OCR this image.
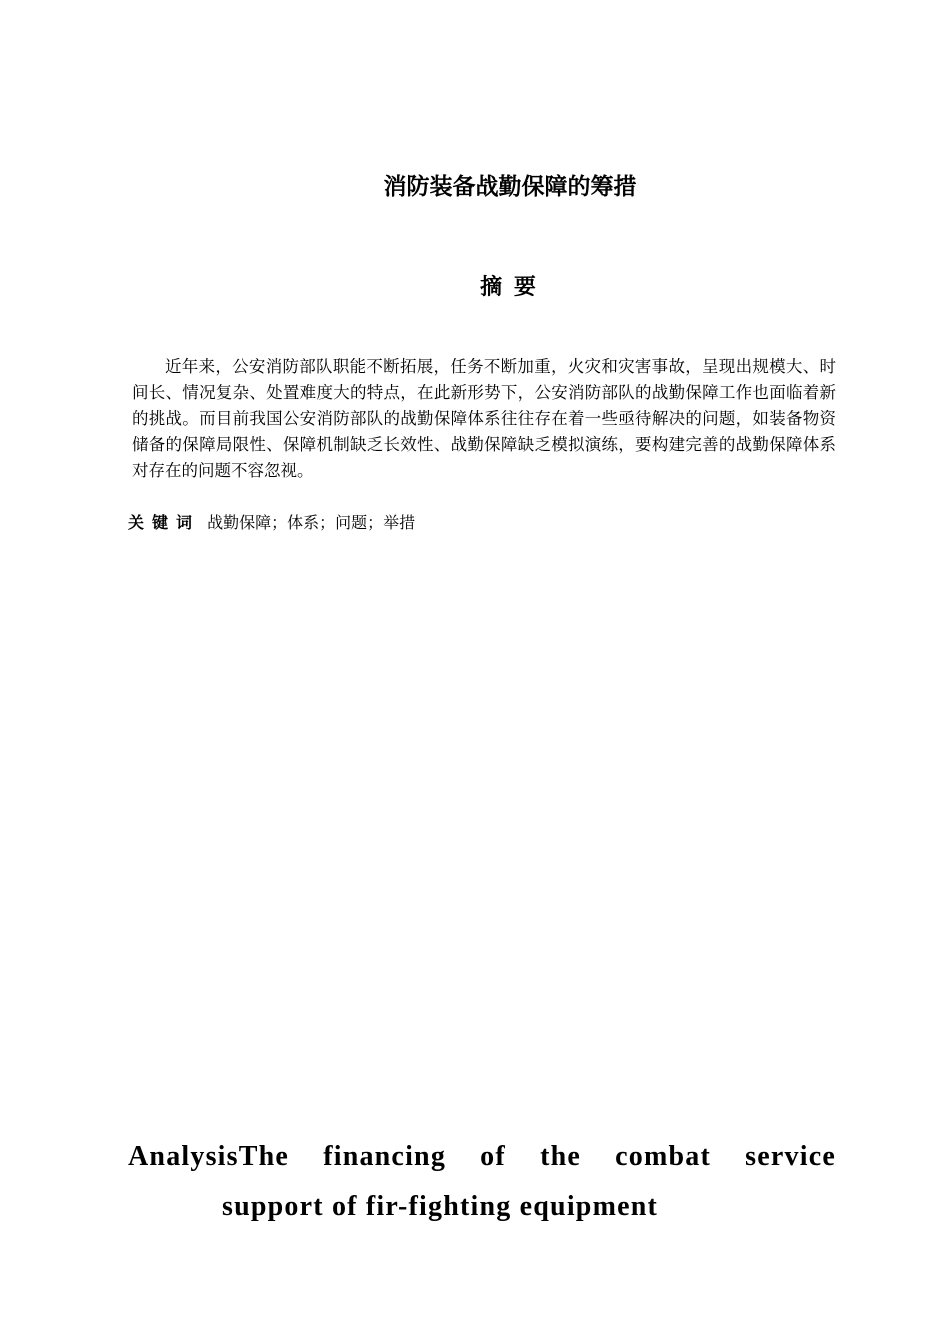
消防装备战勤保障的筹措
摘 要

近年来，公安消防部队职能不断拓展，任务不断加重，火灾和灾害事故，呈现出规模大、时间长、情况复杂、处置难度大的特点，在此新形势下，公安消防部队的战勤保障工作也面临着新的挑战。而目前我国公安消防部队的战勤保障体系往往存在着一些亟待解决的问题，如装备物资储备的保障局限性、保障机制缺乏长效性、战勤保障缺乏模拟演练，要构建完善的战勤保障体系对存在的问题不容忽视。

关键词 战勤保障；体系；问题；举措
AnalysisThe financing of the combat service
support of fir-fighting equipment
